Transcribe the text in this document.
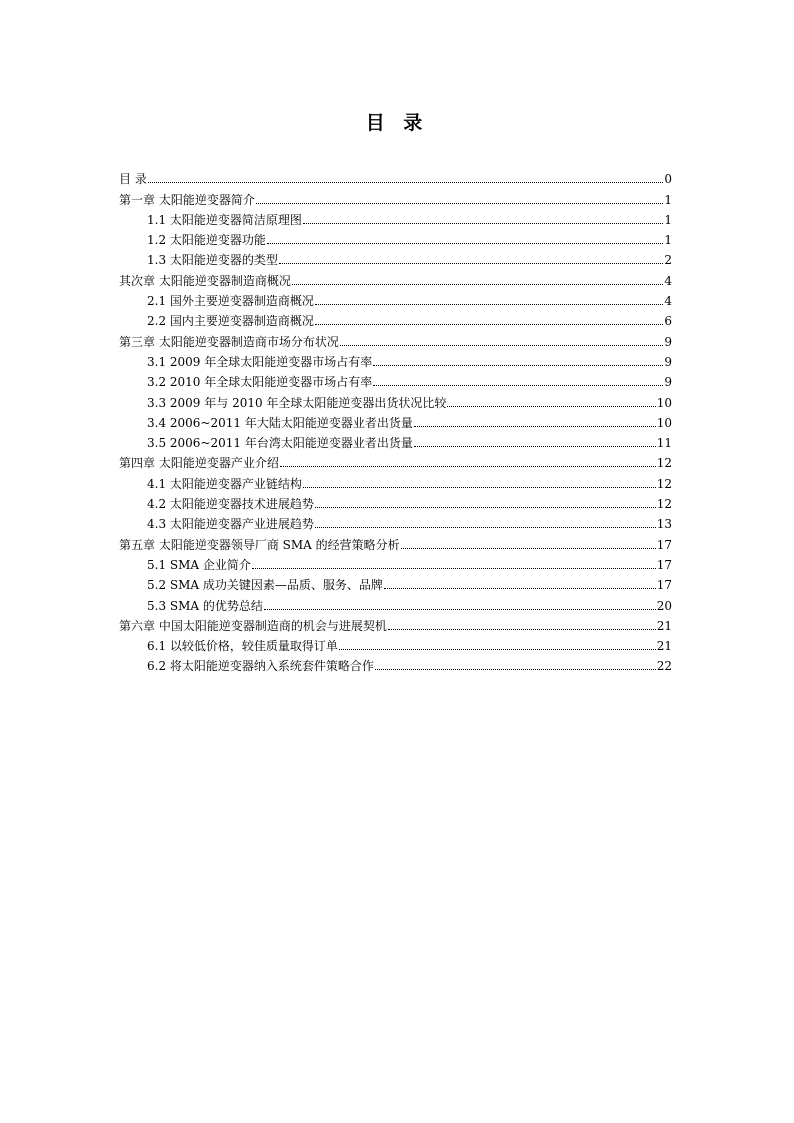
目 录
目 录	0
第一章 太阳能逆变器简介	1
1.1 太阳能逆变器简洁原理图	1
1.2 太阳能逆变器功能	1
1.3 太阳能逆变器的类型	2
其次章 太阳能逆变器制造商概况	4
2.1 国外主要逆变器制造商概况	4
2.2 国内主要逆变器制造商概况	6
第三章 太阳能逆变器制造商市场分布状况	9
3.1 2009 年全球太阳能逆变器市场占有率	9
3.2 2010 年全球太阳能逆变器市场占有率	9
3.3 2009 年与 2010 年全球太阳能逆变器出货状况比较	10
3.4 2006~2011 年大陆太阳能逆变器业者出货量	10
3.5 2006~2011 年台湾太阳能逆变器业者出货量	11
第四章 太阳能逆变器产业介绍	12
4.1 太阳能逆变器产业链结构	12
4.2 太阳能逆变器技术进展趋势	12
4.3 太阳能逆变器产业进展趋势	13
第五章 太阳能逆变器领导厂商 SMA 的经营策略分析	17
5.1 SMA 企业简介	17
5.2 SMA 成功关键因素—品质、服务、品牌	17
5.3 SMA 的优势总结	20
第六章 中国太阳能逆变器制造商的机会与进展契机	21
6.1 以较低价格，较佳质量取得订单	21
6.2 将太阳能逆变器纳入系统套件策略合作	22
